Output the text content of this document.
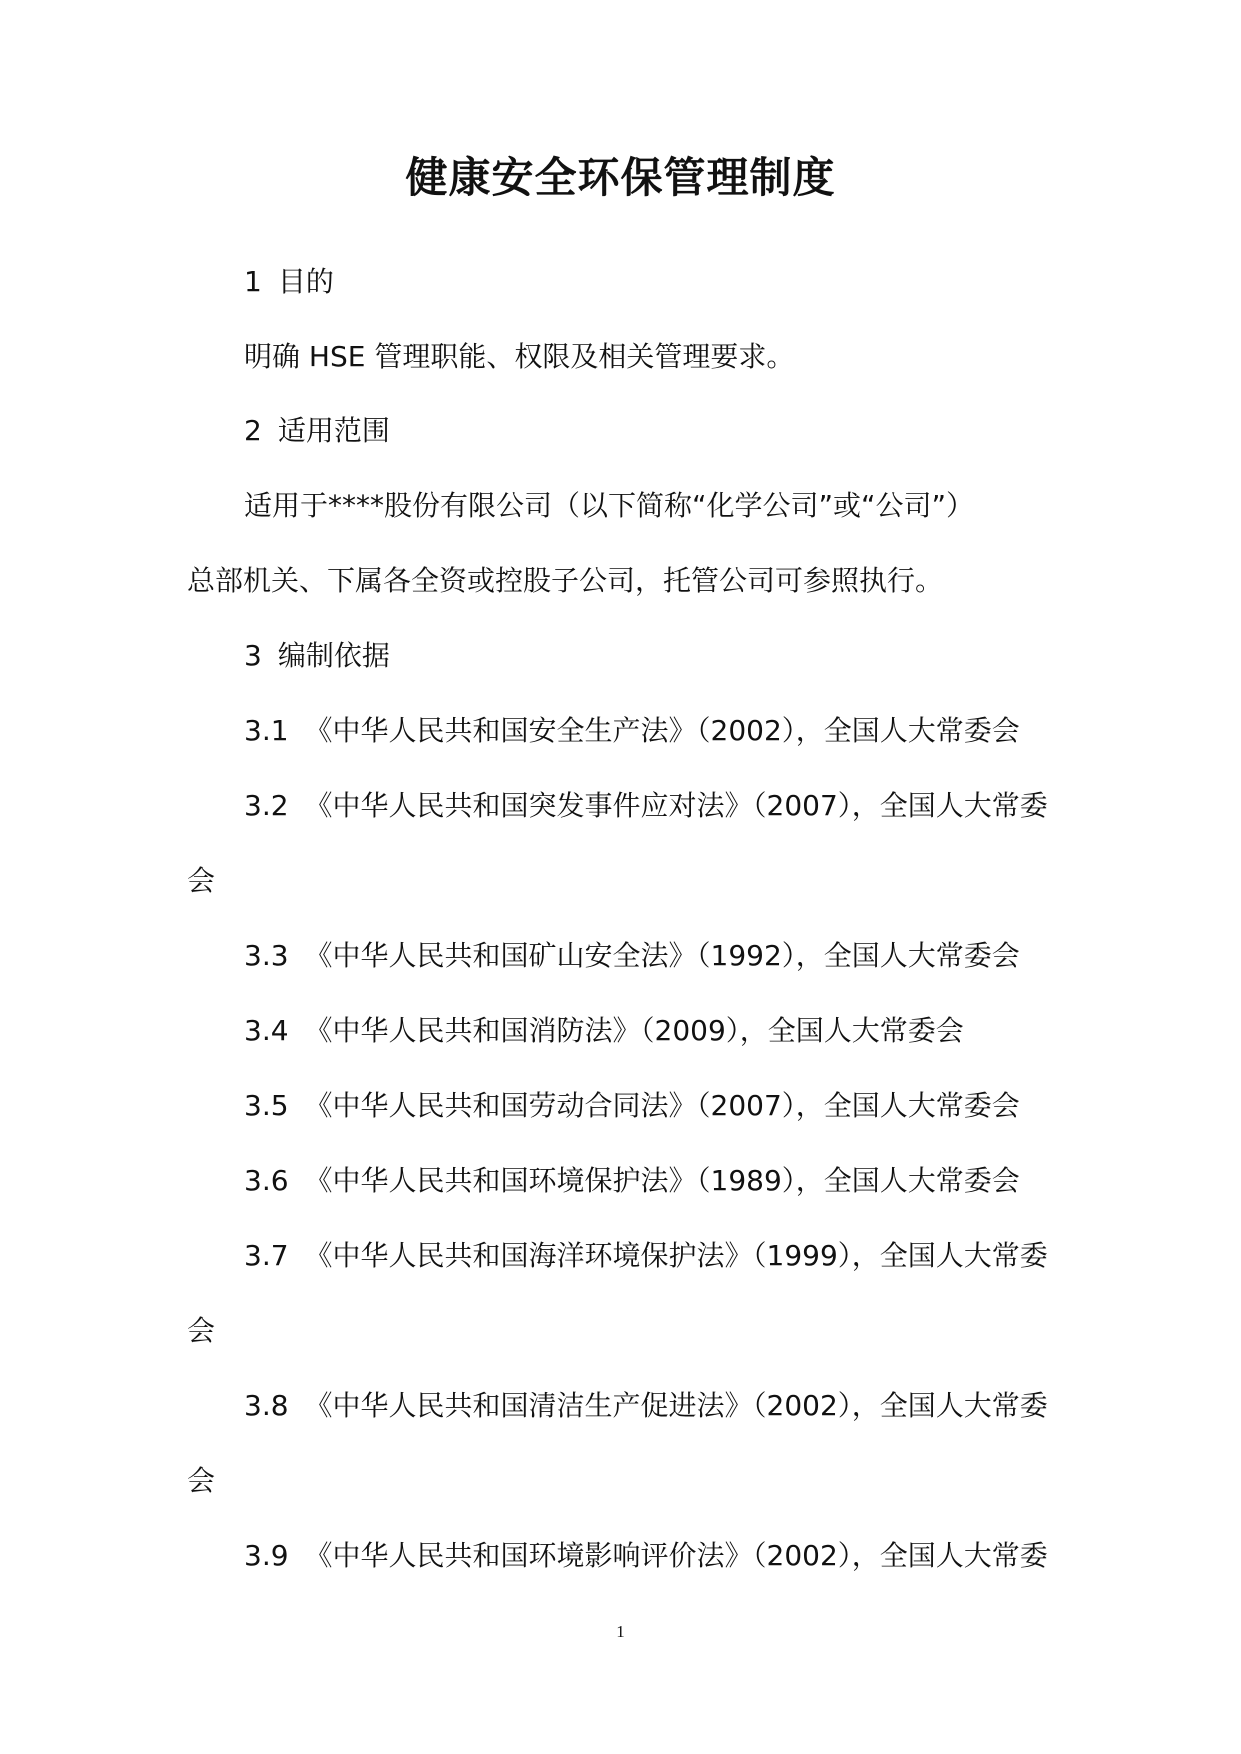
健康安全环保管理制度
1 目的
明确 HSE 管理职能、权限及相关管理要求。
2 适用范围
适用于****股份有限公司（以下简称“化学公司”或“公司”）
总部机关、下属各全资或控股子公司，托管公司可参照执行。
3 编制依据
3.1 《中华人民共和国安全生产法》（2002），全国人大常委会
3.2 《中华人民共和国突发事件应对法》（2007），全国人大常委
会
3.3 《中华人民共和国矿山安全法》（1992），全国人大常委会
3.4 《中华人民共和国消防法》（2009），全国人大常委会
3.5 《中华人民共和国劳动合同法》（2007），全国人大常委会
3.6 《中华人民共和国环境保护法》（1989），全国人大常委会
3.7 《中华人民共和国海洋环境保护法》（1999），全国人大常委
会
3.8 《中华人民共和国清洁生产促进法》（2002），全国人大常委
会
3.9 《中华人民共和国环境影响评价法》（2002），全国人大常委
1
